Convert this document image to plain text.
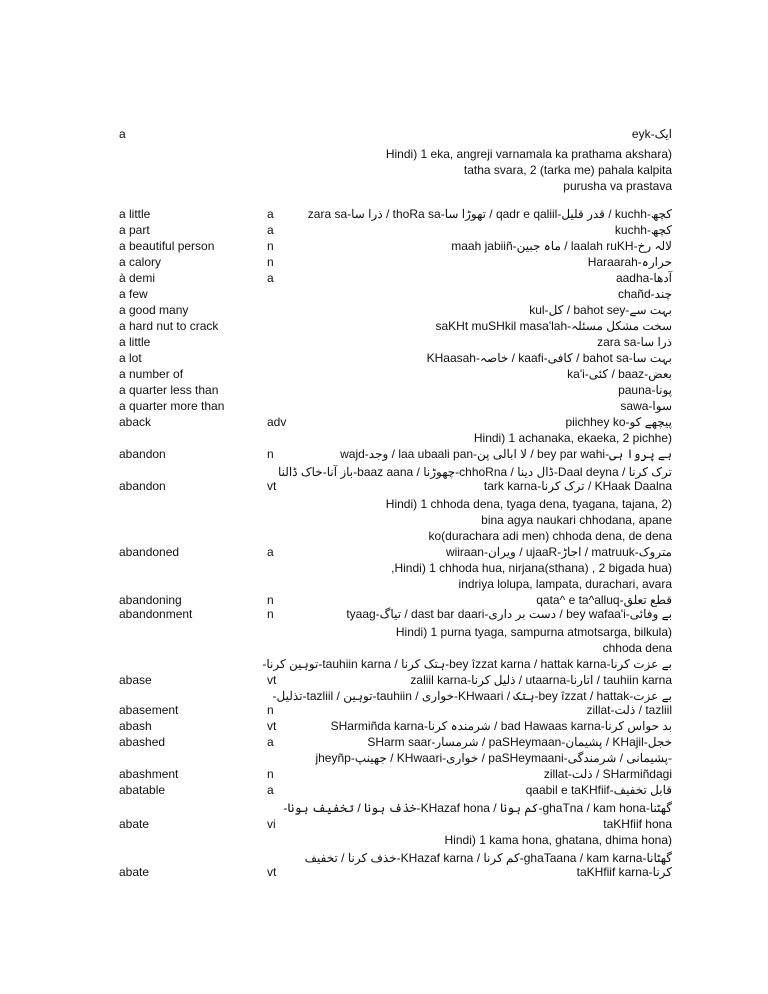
a	eyk-ایک
Hindi) 1 eka, angreji varnamala ka prathama akshara)
tatha svara, 2 (tarka me) pahala kalpita
purusha va prastava
a little	a	zara sa-ذرا سا / thoRa sa-تھوڑا سا / qadr e qaliil-قدر قلیل / kuchh-کچھ
a part	a	kuchh-کچھ
a beautiful person	n	maah jabiiñ-ماہ جبین / laalah ruKH-لالہ رخ
a calory	n	Haraarah-حرارہ
à demi	a	aadha-آدھا
a few	chañd-چند
a good many	kul-کل / bahot sey-بہت سے
a hard nut to crack	saKHt muSHkil masa'lah-سخت مشکل مسئلہ
a little	zara sa-ذرا سا
a lot	KHaasah-خاصہ / kaafi-کافی / bahot sa-بہت سا
a number of	ka'i-کئی / baaz-بعض
a quarter less than	pauna-پونا
a quarter more than	sawa-سوا
aback	adv	piichhey ko-پیچھے کو
Hindi) 1 achanaka, ekaeka, 2 pichhe)
abandon	n	wajd-وجد / laa ubaali pan-لا ابالی پن / bey par wahi-بے پروا ہی
ترک کرنا / Daal deyna-ڈال دینا / chhoRna-چھوڑنا / baaz aana-باز آنا-خاک ڈالنا
abandon	vt	tark karna-ترک کرنا / KHaak Daalna
Hindi) 1 chhoda dena, tyaga dena, tyagana, tajana, 2)
bina agya naukari chhodana, apane
ko(durachara adi men) chhoda dena, de dena
abandoned	a	wiiraan-ویران / ujaaR-اجاڑ / matruuk-متروک
,Hindi) 1 chhoda hua, nirjana(sthana) , 2 bigada hua)
indriya lolupa, lampata, durachari, avara
abandoning	n	qata^ e ta^alluq-قطع تعلق
abandonment	n	tyaag-تیاگ / dast bar daari-دست بر داری / bey wafaa'i-بے وفائی
Hindi) 1 purna tyaga, sampurna atmotsarga, bilkula)
chhoda dena
بے عزت کرنا-bey îzzat karna / hattak karna-ہتک کرنا / tauhiin karna-توہین کرنا-
abase	vt	zaliil karna-ذلیل کرنا / utaarna-اتارنا / tauhiin karna
بے عزت-bey îzzat / hattak-ہتک / KHwaari-خواری / tauhiin-توہین / tazliil-تذلیل-
abasement	n	zillat-ذلت / tazliil
abash	vt	SHarmiñda karna-شرمندہ کرنا / bad Hawaas karna-بد حواس کرنا
abashed	a	SHarm saar-شرمسار / paSHeymaan-پشیمان / KHajil-خجل
jheyñp-جھینپ / KHwaari-خواری / paSHeymaani-پشیمانی / شرمندگی-
abashment	n	zillat-ذلت / SHarmiñdagi
abatable	a	qaabil e taKHfiif-قابل تخفیف
گھٹنا-ghaTna / kam hona-کم ہونا / KHazaf hona-خذف ہونا / تخفیف ہونا-
abate	vi	taKHfiif hona
Hindi) 1 kama hona, ghatana, dhima hona)
گھٹانا-ghaTaana / kam karna-کم کرنا / KHazaf karna-خذف کرنا / تخفیف
abate	vt	taKHfiif karna-کرنا
